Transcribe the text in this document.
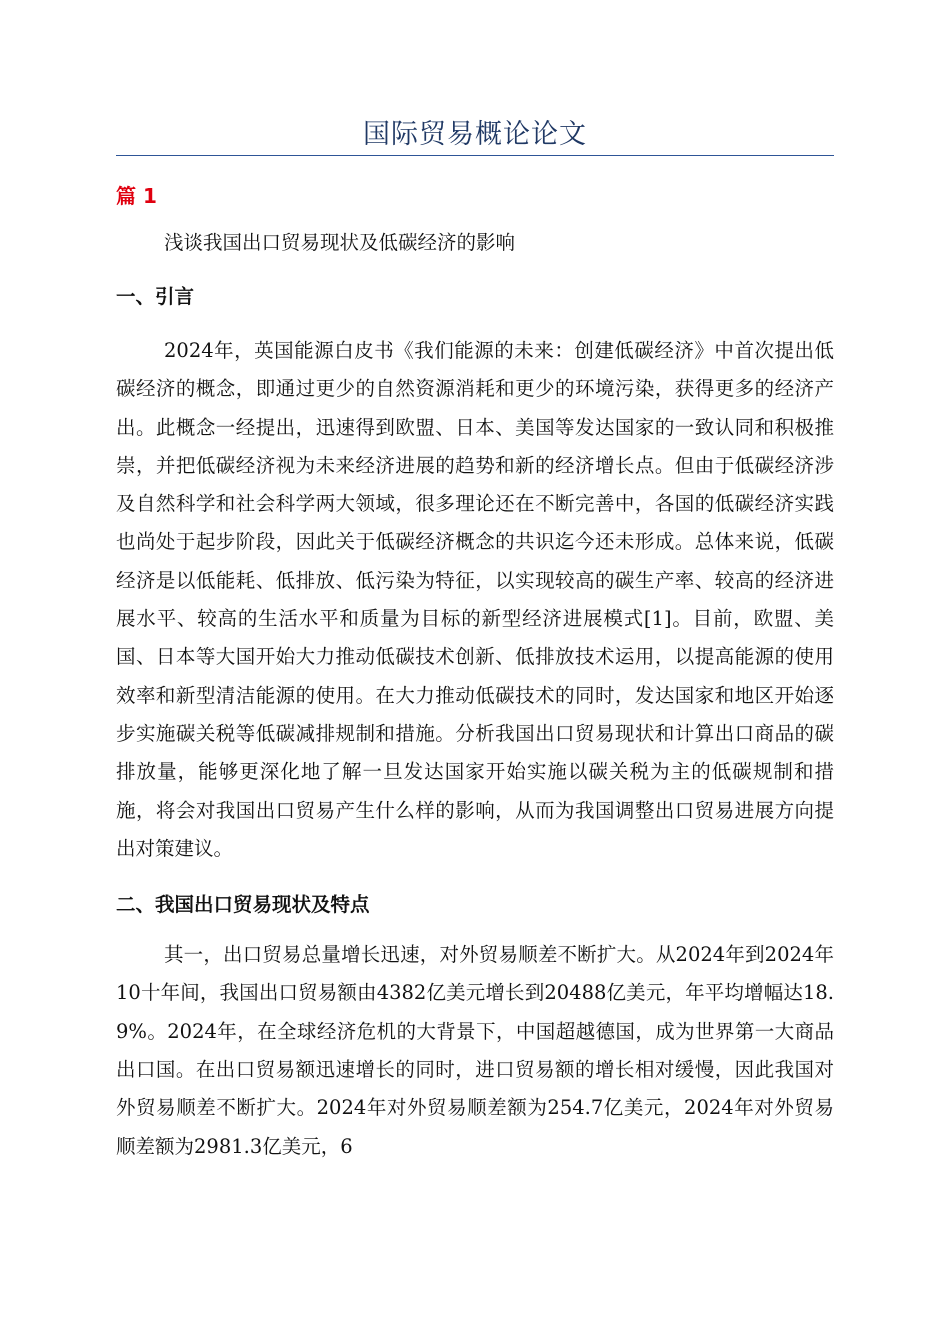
国际贸易概论论文
篇 1
浅谈我国出口贸易现状及低碳经济的影响
一、引言

2024年，英国能源白皮书《我们能源的未来：创建低碳经济》中首次提出低碳经济的概念，即通过更少的自然资源消耗和更少的环境污染，获得更多的经济产出。此概念一经提出，迅速得到欧盟、日本、美国等发达国家的一致认同和积极推崇，并把低碳经济视为未来经济进展的趋势和新的经济增长点。但由于低碳经济涉及自然科学和社会科学两大领域，很多理论还在不断完善中，各国的低碳经济实践也尚处于起步阶段，因此关于低碳经济概念的共识迄今还未形成。总体来说，低碳经济是以低能耗、低排放、低污染为特征，以实现较高的碳生产率、较高的经济进展水平、较高的生活水平和质量为目标的新型经济进展模式[1]。目前，欧盟、美国、日本等大国开始大力推动低碳技术创新、低排放技术运用，以提高能源的使用效率和新型清洁能源的使用。在大力推动低碳技术的同时，发达国家和地区开始逐步实施碳关税等低碳减排规制和措施。分析我国出口贸易现状和计算出口商品的碳排放量，能够更深化地了解一旦发达国家开始实施以碳关税为主的低碳规制和措施，将会对我国出口贸易产生什么样的影响，从而为我国调整出口贸易进展方向提出对策建议。

二、我国出口贸易现状及特点

其一，出口贸易总量增长迅速，对外贸易顺差不断扩大。从2024年到2024年10十年间，我国出口贸易额由4382亿美元增长到20488亿美元，年平均增幅达18.9%。2024年，在全球经济危机的大背景下，中国超越德国，成为世界第一大商品出口国。在出口贸易额迅速增长的同时，进口贸易额的增长相对缓慢，因此我国对外贸易顺差不断扩大。2024年对外贸易顺差额为254.7亿美元，2024年对外贸易顺差额为2981.3亿美元，6
